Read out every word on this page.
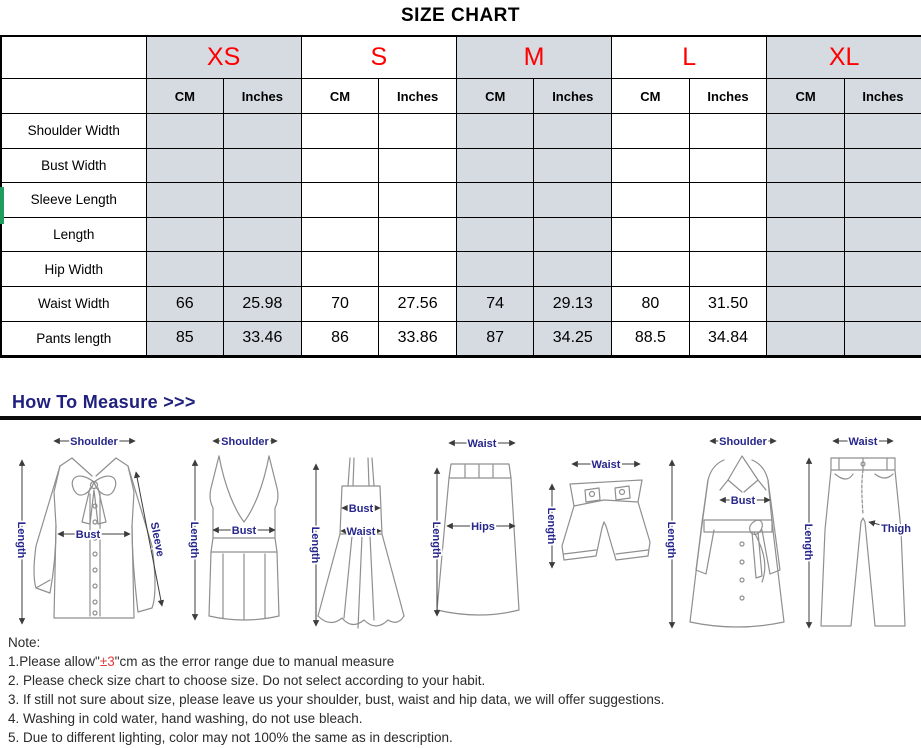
SIZE CHART
	XS		S		M		L		XL	
	CM	Inches	CM	Inches	CM	Inches	CM	Inches	CM	Inches
Shoulder Width										
Bust Width										
Sleeve Length										
Length										
Hip Width										
Waist Width	66	25.98	70	27.56	74	29.13	80	31.50		
Pants length	85	33.46	86	33.86	87	34.25	88.5	34.84		
How To Measure >>>
Shoulder
Length	Bust	Sleeve
Shoulder
Length	Bust	Length
Bust
Waist
Waist
Length	Hips
Waist
Length
Shoulder
Length
Bust
Waist
Length	Thigh
Note:
1.Please allow"±3"cm as the error range due to manual measure
2. Please check size chart to choose size. Do not select according to your habit.
3. If still not sure about size, please leave us your shoulder, bust, waist and hip data, we will offer suggestions.
4. Washing in cold water, hand washing, do not use bleach.
5. Due to different lighting, color may not 100% the same as in description.
